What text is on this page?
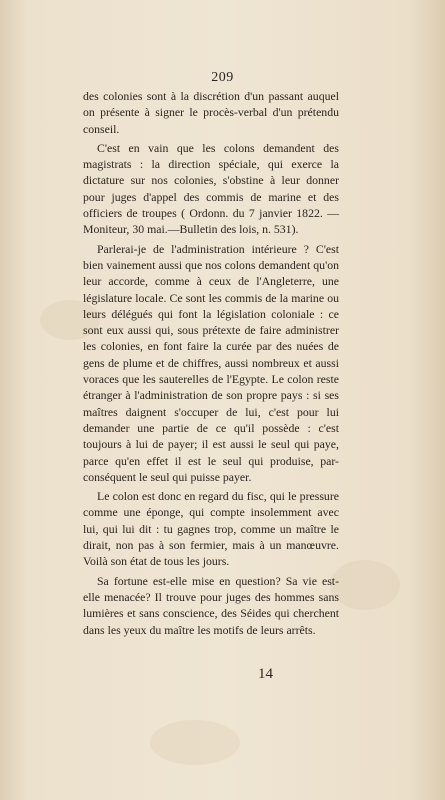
209

des colonies sont à la discrétion d'un passant auquel on présente à signer le procès-verbal d'un prétendu conseil.

C'est en vain que les colons demandent des magistrats : la direction spéciale, qui exerce la dictature sur nos colonies, s'obstine à leur donner pour juges d'appel des commis de marine et des officiers de troupes ( Ordonn. du 7 janvier 1822. —Moniteur, 30 mai.—Bulletin des lois, n. 531).

Parlerai-je de l'administration intérieure ? C'est bien vainement aussi que nos colons demandent qu'on leur accorde, comme à ceux de l'Angleterre, une législature locale. Ce sont les commis de la marine ou leurs délégués qui font la législation coloniale : ce sont eux aussi qui, sous prétexte de faire administrer les colonies, en font faire la curée par des nuées de gens de plume et de chiffres, aussi nombreux et aussi voraces que les sauterelles de l'Egypte. Le colon reste étranger à l'administration de son propre pays : si ses maîtres daignent s'occuper de lui, c'est pour lui demander une partie de ce qu'il possède : c'est toujours à lui de payer; il est aussi le seul qui paye, parce qu'en effet il est le seul qui produise, par-conséquent le seul qui puisse payer.

Le colon est donc en regard du fisc, qui le pressure comme une éponge, qui compte insolemment avec lui, qui lui dit : tu gagnes trop, comme un maître le dirait, non pas à son fermier, mais à un manœuvre. Voilà son état de tous les jours.

Sa fortune est-elle mise en question? Sa vie est-elle menacée? Il trouve pour juges des hommes sans lumières et sans conscience, des Séides qui cherchent dans les yeux du maître les motifs de leurs arrêts.

14
